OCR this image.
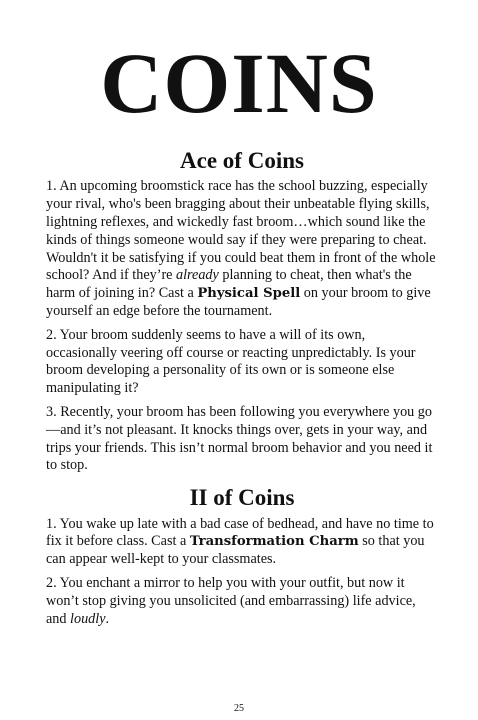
COINS
Ace of Coins

1. An upcoming broomstick race has the school buzzing, especially your rival, who's been bragging about their unbeatable flying skills, lightning reflexes, and wickedly fast broom…which sound like the kinds of things someone would say if they were preparing to cheat. Wouldn't it be satisfying if you could beat them in front of the whole school? And if they’re already planning to cheat, then what's the harm of joining in? Cast a Physical Spell on your broom to give yourself an edge before the tournament.

2. Your broom suddenly seems to have a will of its own, occasionally veering off course or reacting unpredictably. Is your broom developing a personality of its own or is someone else manipulating it?

3. Recently, your broom has been following you everywhere you go—and it’s not pleasant. It knocks things over, gets in your way, and trips your friends. This isn’t normal broom behavior and you need it to stop.

II of Coins

1. You wake up late with a bad case of bedhead, and have no time to fix it before class. Cast a Transformation Charm so that you can appear well-kept to your classmates.

2. You enchant a mirror to help you with your outfit, but now it won’t stop giving you unsolicited (and embarrassing) life advice, and loudly.

25
